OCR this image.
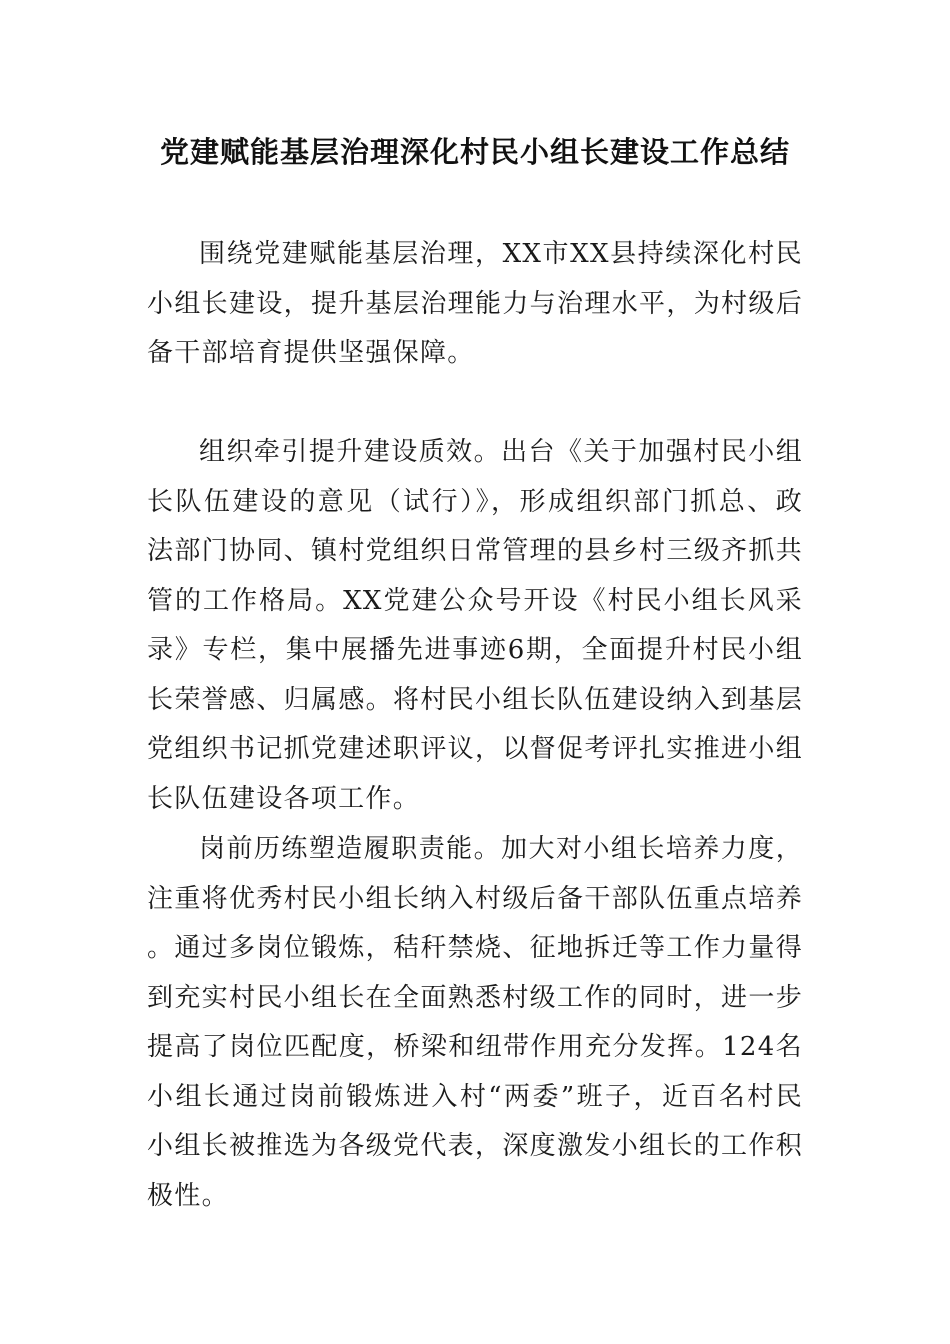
党建赋能基层治理深化村民小组长建设工作总结

围绕党建赋能基层治理，XX市XX县持续深化村民小组长建设，提升基层治理能力与治理水平，为村级后备干部培育提供坚强保障。

组织牵引提升建设质效。出台《关于加强村民小组长队伍建设的意见（试行）》，形成组织部门抓总、政法部门协同、镇村党组织日常管理的县乡村三级齐抓共管的工作格局。XX党建公众号开设《村民小组长风采录》专栏，集中展播先进事迹6期，全面提升村民小组长荣誉感、归属感。将村民小组长队伍建设纳入到基层党组织书记抓党建述职评议，以督促考评扎实推进小组长队伍建设各项工作。

岗前历练塑造履职责能。加大对小组长培养力度，注重将优秀村民小组长纳入村级后备干部队伍重点培养。通过多岗位锻炼，秸秆禁烧、征地拆迁等工作力量得到充实村民小组长在全面熟悉村级工作的同时，进一步提高了岗位匹配度，桥梁和纽带作用充分发挥。124名小组长通过岗前锻炼进入村“两委”班子，近百名村民小组长被推选为各级党代表，深度激发小组长的工作积极性。
